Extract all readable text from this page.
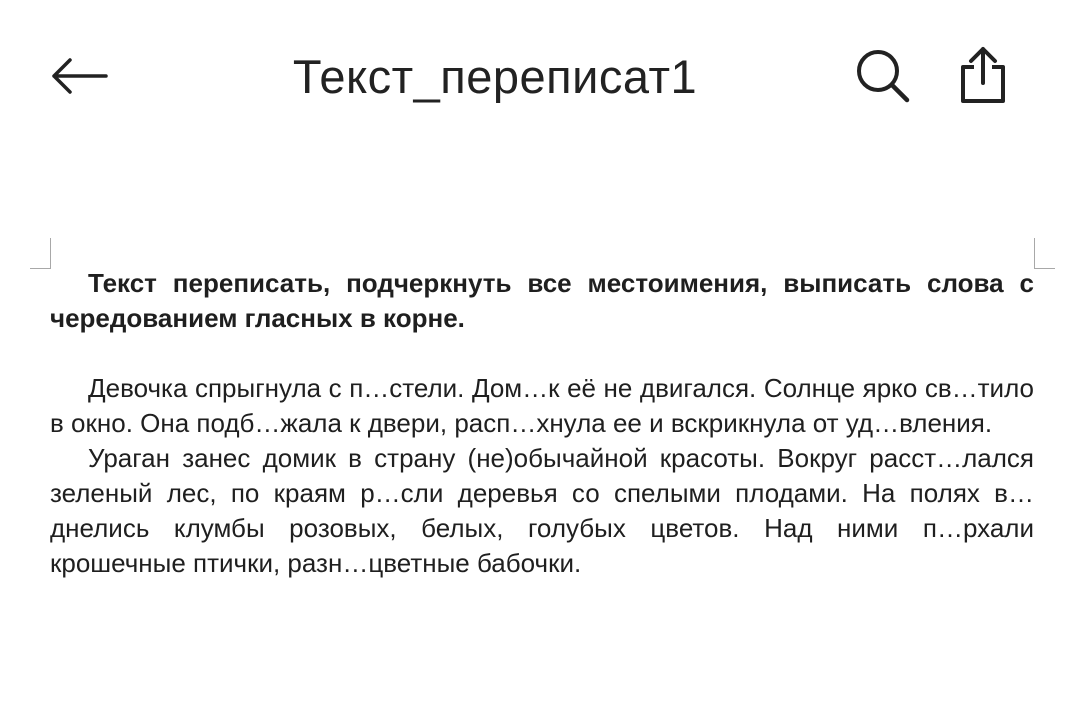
Текст_переписат1

Текст переписать, подчеркнуть все местоимения, выписать слова с чередованием гласных в корне.

Девочка спрыгнула с п…стели. Дом…к её не двигался. Солнце ярко св…тило в окно. Она подб…жала к двери, расп…хнула ее и вскрикнула от уд…вления.

Ураган занес домик в страну (не)обычайной красоты. Вокруг расст…лался зеленый лес, по краям р…сли деревья со спелыми плодами. На полях в…днелись клумбы розовых, белых, голубых цветов. Над ними п…рхали крошечные птички, разн…цветные бабочки.
